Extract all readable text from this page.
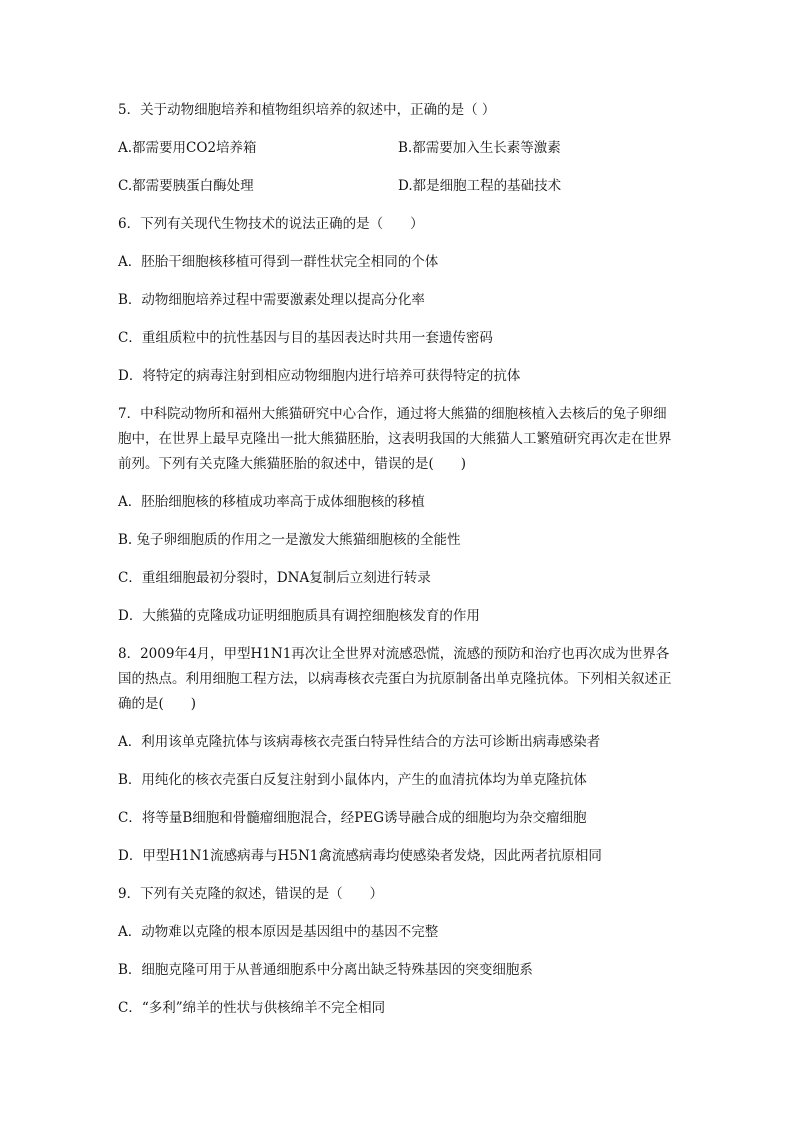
5．关于动物细胞培养和植物组织培养的叙述中，正确的是（ ）
A.都需要用CO2培养箱	B.都需要加入生长素等激素
C.都需要胰蛋白酶处理	D.都是细胞工程的基础技术
6．下列有关现代生物技术的说法正确的是（　　）
A．胚胎干细胞核移植可得到一群性状完全相同的个体
B．动物细胞培养过程中需要激素处理以提高分化率
C．重组质粒中的抗性基因与目的基因表达时共用一套遗传密码
D．将特定的病毒注射到相应动物细胞内进行培养可获得特定的抗体
7．中科院动物所和福州大熊猫研究中心合作，通过将大熊猫的细胞核植入去核后的兔子卵细胞中，在世界上最早克隆出一批大熊猫胚胎，这表明我国的大熊猫人工繁殖研究再次走在世界前列。下列有关克隆大熊猫胚胎的叙述中，错误的是(　　)
A．胚胎细胞核的移植成功率高于成体细胞核的移植
B. 兔子卵细胞质的作用之一是激发大熊猫细胞核的全能性
C．重组细胞最初分裂时，DNA复制后立刻进行转录
D．大熊猫的克隆成功证明细胞质具有调控细胞核发育的作用
8．2009年4月，甲型H1N1再次让全世界对流感恐慌，流感的预防和治疗也再次成为世界各国的热点。利用细胞工程方法，以病毒核衣壳蛋白为抗原制备出单克隆抗体。下列相关叙述正确的是(　　)
A．利用该单克隆抗体与该病毒核衣壳蛋白特异性结合的方法可诊断出病毒感染者
B．用纯化的核衣壳蛋白反复注射到小鼠体内，产生的血清抗体均为单克隆抗体
C．将等量B细胞和骨髓瘤细胞混合，经PEG诱导融合成的细胞均为杂交瘤细胞
D．甲型H1N1流感病毒与H5N1禽流感病毒均使感染者发烧，因此两者抗原相同
9．下列有关克隆的叙述，错误的是（　　）
A．动物难以克隆的根本原因是基因组中的基因不完整
B．细胞克隆可用于从普通细胞系中分离出缺乏特殊基因的突变细胞系
C．“多利”绵羊的性状与供核绵羊不完全相同
